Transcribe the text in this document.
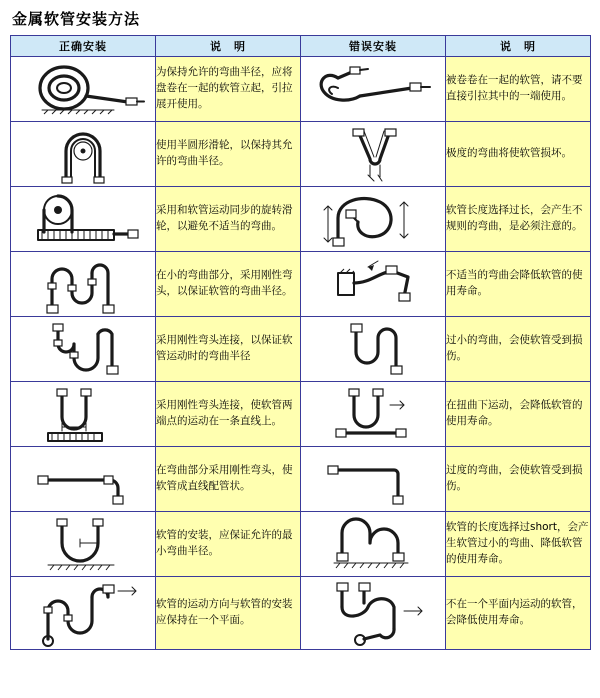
金属软管安装方法
正确安装	说　明	错误安装	说　明

	为保持允许的弯曲半径，应将盘卷在一起的软管立起，引拉展开使用。		被卷卷在一起的软管，请不要直接引拉其中的一端使用。

	使用半圆形滑轮，以保持其允许的弯曲半径。		极度的弯曲将使软管损坏。

	采用和软管运动同步的旋转滑轮，以避免不适当的弯曲。		软管长度选择过长，会产生不规则的弯曲，是必须注意的。

	在小的弯曲部分，采用刚性弯头，以保证软管的弯曲半径。		不适当的弯曲会降低软管的使用寿命。

	采用刚性弯头连接，以保证软管运动时的弯曲半径		过小的弯曲，会使软管受到损伤。

	采用刚性弯头连接，使软管两端点的运动在一条直线上。		在扭曲下运动，会降低软管的使用寿命。

	在弯曲部分采用刚性弯头，使软管成直线配管状。		过度的弯曲，会使软管受到损伤。

	软管的安装，应保证允许的最小弯曲半径。		软管的长度选择过short，会产生软管过小的弯曲、降低软管的使用寿命。

	软管的运动方向与软管的安装应保持在一个平面。		不在一个平面内运动的软管，会降低使用寿命。
